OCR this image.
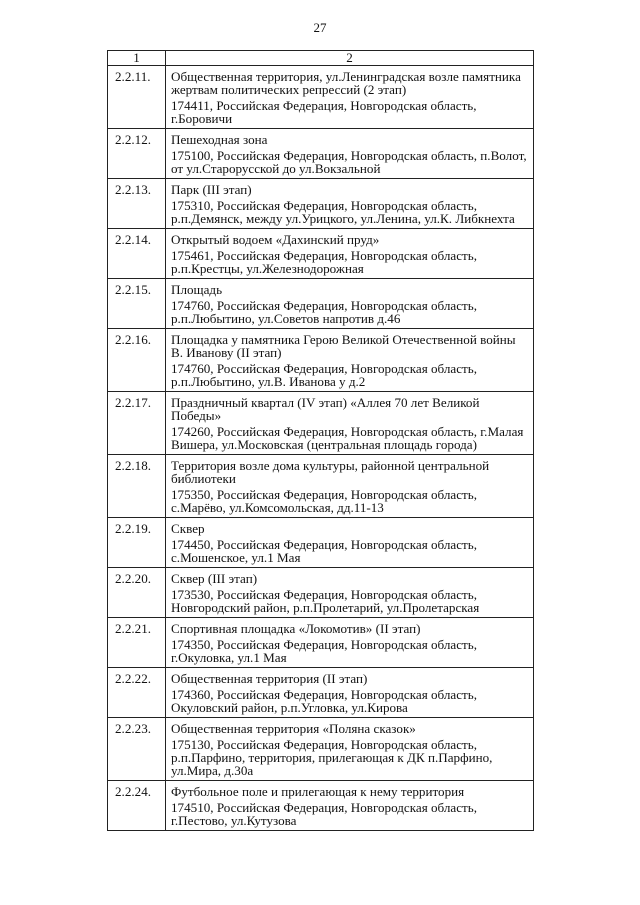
27
1	2
2.2.11.	Общественная территория, ул.Ленинградская возле памятника жертвам политических репрессий (2 этап)
174411, Российская Федерация, Новгородская область, г.Боровичи

2.2.12.	Пешеходная зона
175100, Российская Федерация, Новгородская область, п.Волот, от ул.Старорусской до ул.Вокзальной

2.2.13.	Парк (III этап)
175310, Российская Федерация, Новгородская область, р.п.Демянск, между ул.Урицкого, ул.Ленина, ул.К. Либкнехта

2.2.14.	Открытый водоем «Дахинский пруд»
175461, Российская Федерация, Новгородская область, р.п.Крестцы, ул.Железнодорожная

2.2.15.	Площадь
174760, Российская Федерация, Новгородская область, р.п.Любытино, ул.Советов напротив д.46

2.2.16.	Площадка у памятника Герою Великой Отечественной войны В. Иванову (II этап)
174760, Российская Федерация, Новгородская область, р.п.Любытино, ул.В. Иванова у д.2

2.2.17.	Праздничный квартал (IV этап) «Аллея 70 лет Великой Победы»
174260, Российская Федерация, Новгородская область, г.Малая Вишера, ул.Московская (центральная площадь города)

2.2.18.	Территория возле дома культуры, районной центральной библиотеки
175350, Российская Федерация, Новгородская область, с.Марёво, ул.Комсомольская, дд.11-13

2.2.19.	Сквер
174450, Российская Федерация, Новгородская область, с.Мошенское, ул.1 Мая

2.2.20.	Сквер (III этап)
173530, Российская Федерация, Новгородская область, Новгородский район, р.п.Пролетарий, ул.Пролетарская

2.2.21.	Спортивная площадка «Локомотив» (II этап)
174350, Российская Федерация, Новгородская область, г.Окуловка, ул.1 Мая

2.2.22.	Общественная территория (II этап)
174360, Российская Федерация, Новгородская область, Окуловский район, р.п.Угловка, ул.Кирова

2.2.23.	Общественная территория «Поляна сказок»
175130, Российская Федерация, Новгородская область, р.п.Парфино, территория, прилегающая к ДК п.Парфино, ул.Мира, д.30а

2.2.24.	Футбольное поле и прилегающая к нему территория
174510, Российская Федерация, Новгородская область, г.Пестово, ул.Кутузова
